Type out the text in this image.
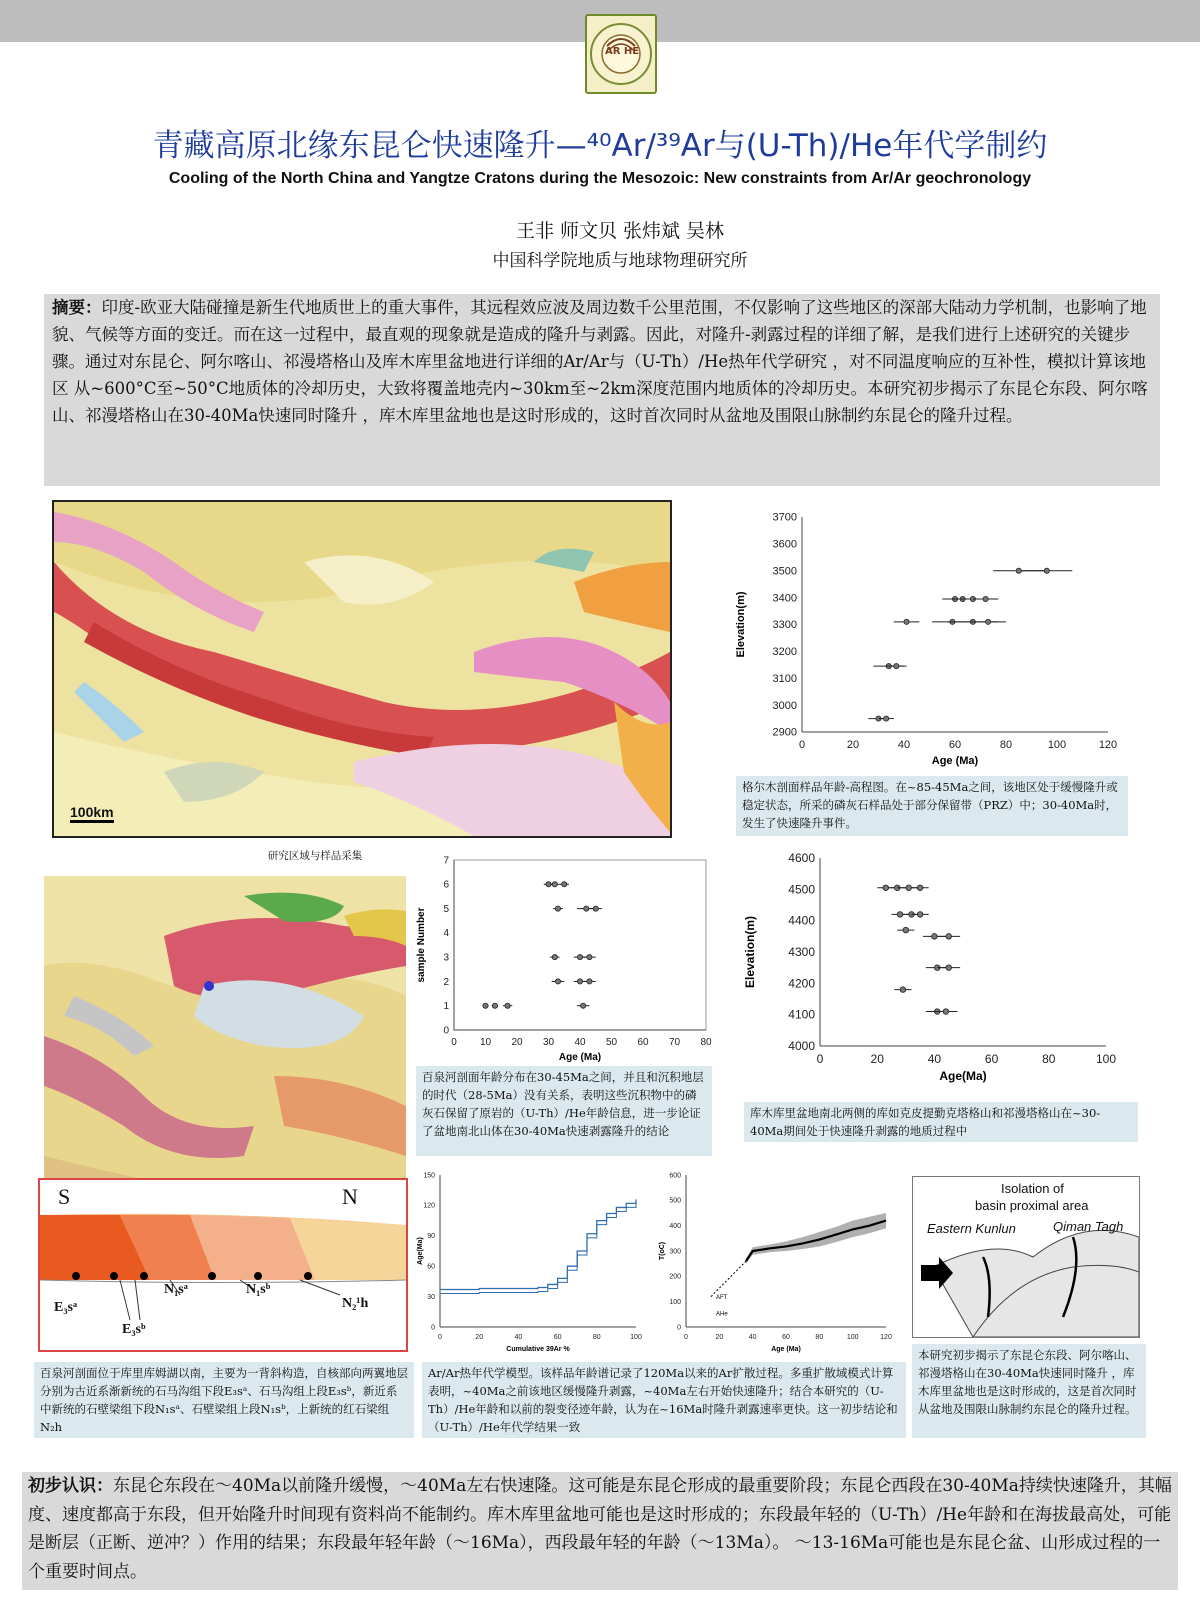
AR HE
青藏高原北缘东昆仑快速隆升—⁴⁰Ar/³⁹Ar与(U-Th)/He年代学制约
Cooling of the North China and Yangtze Cratons during the Mesozoic: New constraints from Ar/Ar geochronology
王非 师文贝 张炜斌 吴林
中国科学院地质与地球物理研究所
摘要：印度-欧亚大陆碰撞是新生代地质世上的重大事件，其远程效应波及周边数千公里范围，不仅影响了这些地区的深部大陆动力学机制，也影响了地貌、气候等方面的变迁。而在这一过程中，最直观的现象就是造成的隆升与剥露。因此，对隆升-剥露过程的详细了解，是我们进行上述研究的关键步骤。通过对东昆仑、阿尔喀山、祁漫塔格山及库木库里盆地进行详细的Ar/Ar与（U-Th）/He热年代学研究 ，对不同温度响应的互补性，模拟计算该地区 从~600°C至~50°C地质体的冷却历史，大致将覆盖地壳内~30km至~2km深度范围内地质体的冷却历史。本研究初步揭示了东昆仑东段、阿尔喀山、祁漫塔格山在30-40Ma快速同时隆升 ，库木库里盆地也是这时形成的，这时首次同时从盆地及围限山脉制约东昆仑的隆升过程。
100km
研究区域与样品采集
0	20	40	60	80	100	120
2900
3000
3100
3200
3300
3400
3500
3600
3700
Age (Ma)
Elevation(m)
格尔木剖面样品年龄-高程图。在~85-45Ma之间，该地区处于缓慢隆升或稳定状态，所采的磷灰石样品处于部分保留带（PRZ）中；30-40Ma时，发生了快速隆升事件。
0 10 20 30 40 50 60 70 80
0
1
2
3
4
5
6
7
Age (Ma)
sample Number
百泉河剖面年龄分布在30-45Ma之间，并且和沉积地层的时代（28-5Ma）没有关系，表明这些沉积物中的磷灰石保留了原岩的（U-Th）/He年龄信息，进一步论证了盆地南北山体在30-40Ma快速剥露隆升的结论
0	20	40	60	80	100
4000
4100
4200
4300
4400
4500
4600
Age(Ma)
Elevation(m)
库木库里盆地南北两侧的库如克皮提勤克塔格山和祁漫塔格山在~30-40Ma期间处于快速隆升剥露的地质过程中
S	N
E₃sᵃ
E₃sᵇ
N₁sᵃ	N₁sᵇ
N₂¹h
百泉河剖面位于库里库姆湖以南，主要为一背斜构造，自核部向两翼地层分别为古近系渐新统的石马沟组下段E₃sᵃ、石马沟组上段E₃sᵇ，新近系中新统的石壁梁组下段N₁sᵃ、石壁梁组上段N₁sᵇ，上新统的红石梁组N₂h
0	20	40	60	80	100
0
30
60
90
120
150
Cumulative 39Ar %
Age(Ma)
0	20	40	60	80	100	120
0
100
200
300
400
500
600
Age (Ma)
T(oC)
AFT
AHe
Ar/Ar热年代学模型。该样品年龄谱记录了120Ma以来的Ar扩散过程。多重扩散域模式计算表明，~40Ma之前该地区缓慢隆升剥露，~40Ma左右开始快速隆升；结合本研究的（U-Th）/He年龄和以前的裂变径迹年龄，认为在~16Ma时隆升剥露速率更快。这一初步结论和（U-Th）/He年代学结果一致
Isolation of
basin proximal area
Eastern Kunlun	Qiman Tagh
本研究初步揭示了东昆仑东段、阿尔喀山、祁漫塔格山在30-40Ma快速同时隆升 ，库木库里盆地也是这时形成的，这是首次同时从盆地及围限山脉制约东昆仑的隆升过程。
初步认识：东昆仑东段在～40Ma以前隆升缓慢，～40Ma左右快速隆。这可能是东昆仑形成的最重要阶段；东昆仑西段在30-40Ma持续快速隆升，其幅度、速度都高于东段，但开始隆升时间现有资料尚不能制约。库木库里盆地可能也是这时形成的；东段最年轻的（U-Th）/He年龄和在海拔最高处，可能是断层（正断、逆冲？）作用的结果；东段最年轻年龄（～16Ma），西段最年轻的年龄（～13Ma）。 ～13-16Ma可能也是东昆仑盆、山形成过程的一个重要时间点。
